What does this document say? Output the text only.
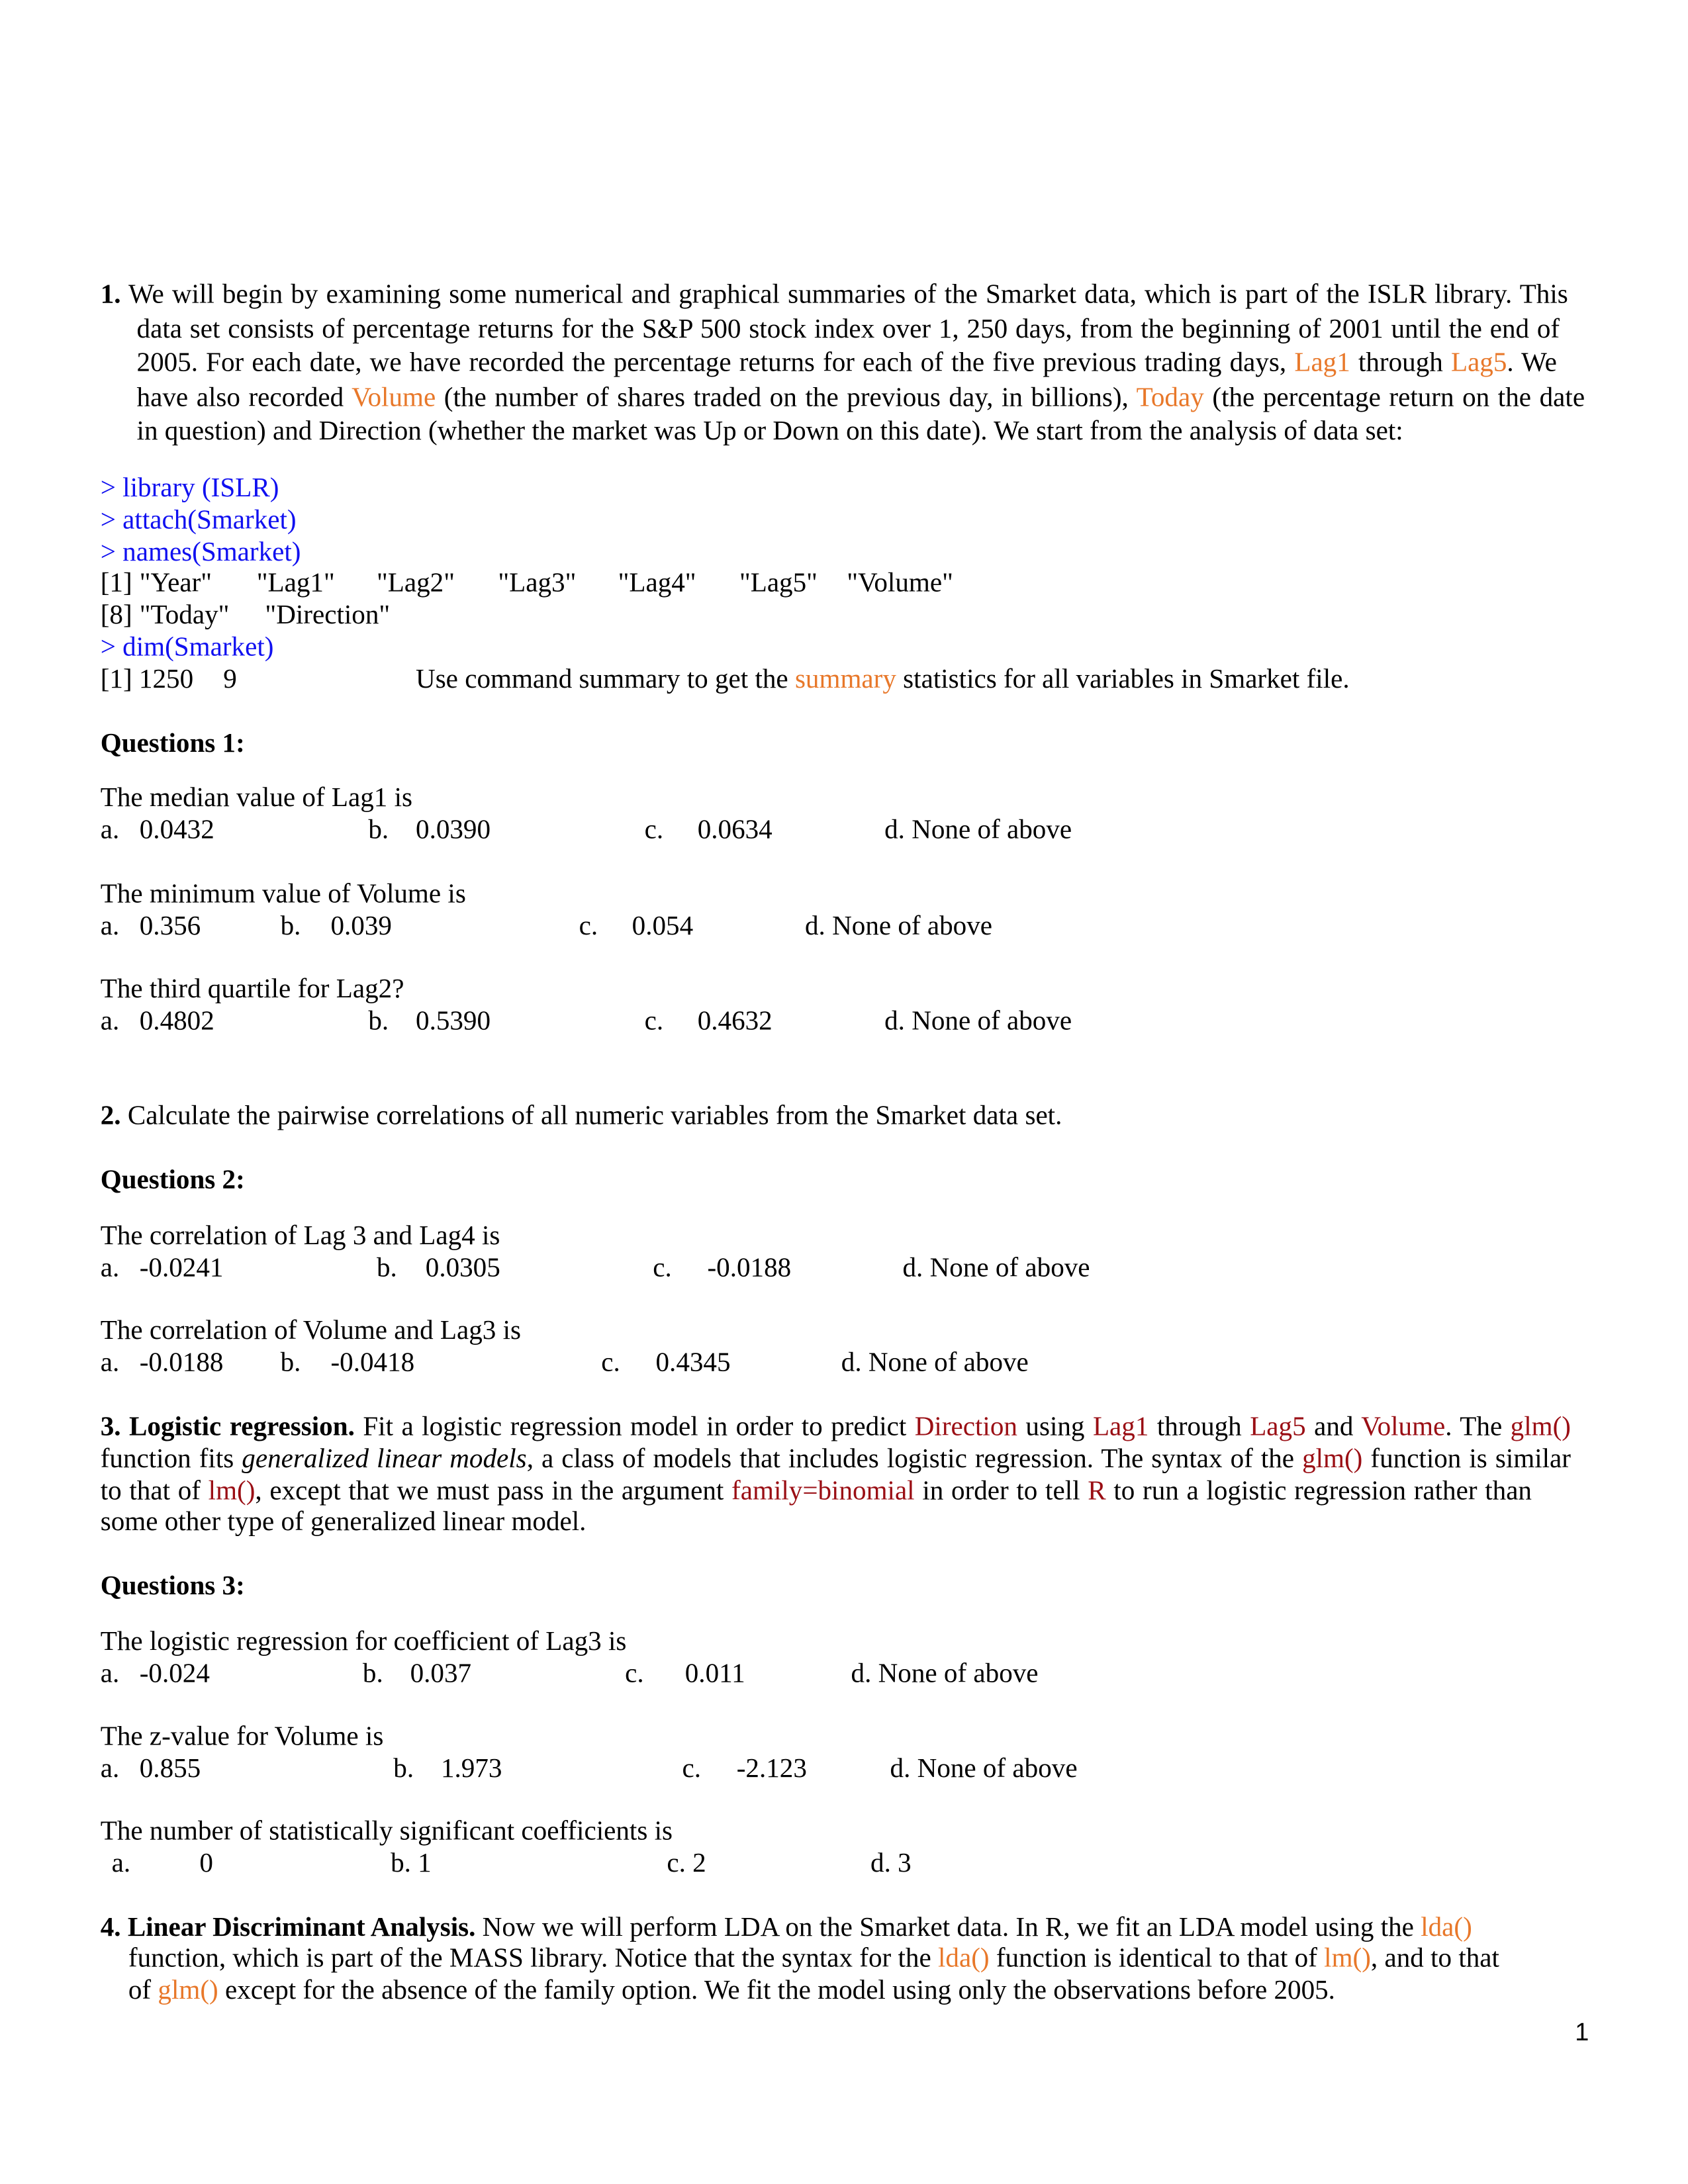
1. We will begin by examining some numerical and graphical summaries of the Smarket data, which is part of the ISLR library. This
data set consists of percentage returns for the S&P 500 stock index over 1, 250 days, from the beginning of 2001 until the end of
2005. For each date, we have recorded the percentage returns for each of the five previous trading days, Lag1 through Lag5. We
have also recorded Volume (the number of shares traded on the previous day, in billions), Today (the percentage return on the date
in question) and Direction (whether the market was Up or Down on this date). We start from the analysis of data set:
> library (ISLR)
> attach(Smarket)
> names(Smarket)
[1] "Year"	"Lag1"	"Lag2"	"Lag3"	"Lag4"	"Lag5" "Volume"
[8] "Today"	"Direction"
> dim(Smarket)
[1] 1250 9	Use command summary to get the summary statistics for all variables in Smarket file.
Questions 1:
The median value of Lag1 is
a. 0.0432	b. 0.0390	c.	0.0634	d. None of above
The minimum value of Volume is
a. 0.356	b. 0.039	c.	0.054	d. None of above
The third quartile for Lag2?
a. 0.4802	b. 0.5390	c.	0.4632	d. None of above
2. Calculate the pairwise correlations of all numeric variables from the Smarket data set.
Questions 2:
The correlation of Lag 3 and Lag4 is
a. -0.0241	b. 0.0305	c.	-0.0188	d. None of above
The correlation of Volume and Lag3 is
a. -0.0188	b. -0.0418	c.	0.4345	d. None of above
3. Logistic regression. Fit a logistic regression model in order to predict Direction using Lag1 through Lag5 and Volume. The glm()
function fits generalized linear models, a class of models that includes logistic regression. The syntax of the glm() function is similar
to that of lm(), except that we must pass in the argument family=binomial in order to tell R to run a logistic regression rather than
some other type of generalized linear model.
Questions 3:
The logistic regression for coefficient of Lag3 is
a. -0.024	b. 0.037	c.	0.011	d. None of above
The z-value for Volume is
a. 0.855	b. 1.973	c.	-2.123	d. None of above
The number of statistically significant coefficients is
a.	0	b. 1	c. 2	d. 3
4. Linear Discriminant Analysis. Now we will perform LDA on the Smarket data. In R, we fit an LDA model using the lda()
function, which is part of the MASS library. Notice that the syntax for the lda() function is identical to that of lm(), and to that
of glm() except for the absence of the family option. We fit the model using only the observations before 2005.
1
